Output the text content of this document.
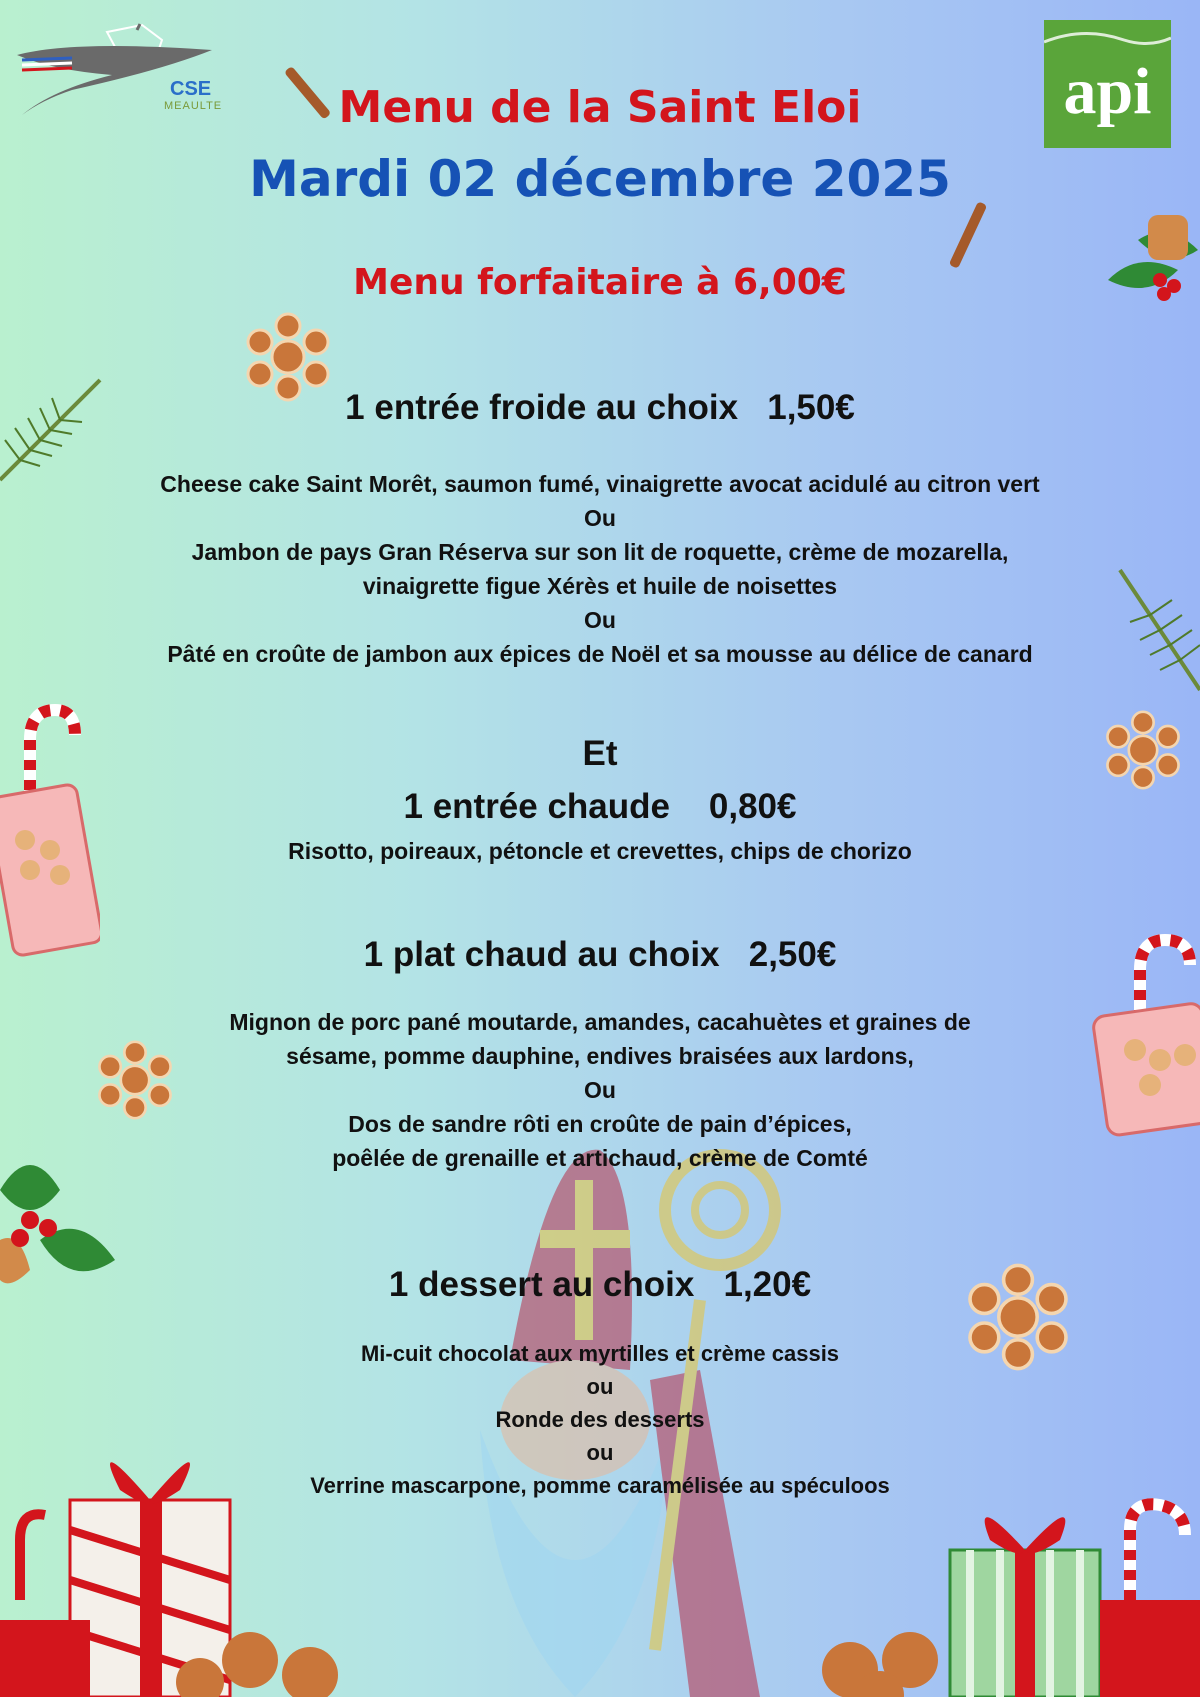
CSE
MEAULTE	api
Menu de la Saint Eloi
Mardi 02 décembre 2025
Menu forfaitaire à 6,00€
1 entrée froide au choix   1,50€
Cheese cake Saint Morêt, saumon fumé, vinaigrette avocat acidulé au citron vert
Ou
Jambon de pays Gran Réserva sur son lit de roquette, crème de mozarella,
vinaigrette figue Xérès et huile de noisettes
Ou
Pâté en croûte de jambon aux épices de Noël et sa mousse au délice de canard
Et
1 entrée chaude    0,80€
Risotto, poireaux, pétoncle et crevettes, chips de chorizo
1 plat chaud au choix   2,50€
Mignon de porc pané moutarde, amandes, cacahuètes et graines de
sésame, pomme dauphine, endives braisées aux lardons,
Ou
Dos de sandre rôti en croûte de pain d’épices,
poêlée de grenaille et artichaud, crème de Comté
1 dessert au choix   1,20€
Mi-cuit chocolat aux myrtilles et crème cassis
ou
Ronde des desserts
ou
Verrine mascarpone, pomme caramélisée au spéculoos
